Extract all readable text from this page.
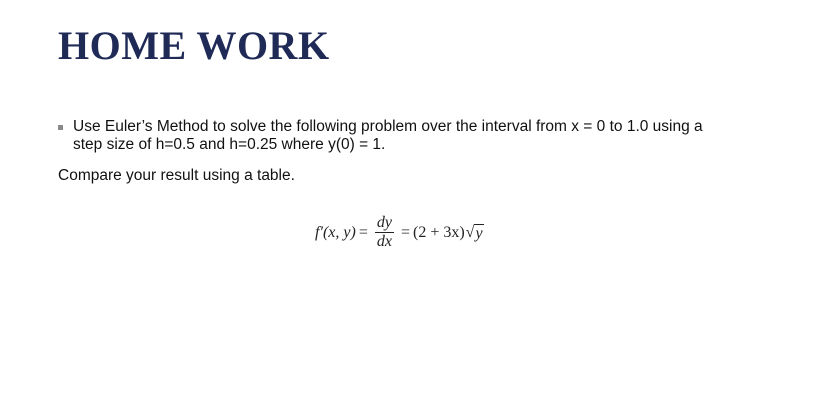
HOME WORK
Use Euler’s Method to solve the following problem over the interval from x = 0 to 1.0 using a
step size of h=0.5 and h=0.25 where y(0) = 1.
Compare your result using a table.
f′(x, $y) = \frac{dy}{dx} = (2 + 3x)$ √ y
